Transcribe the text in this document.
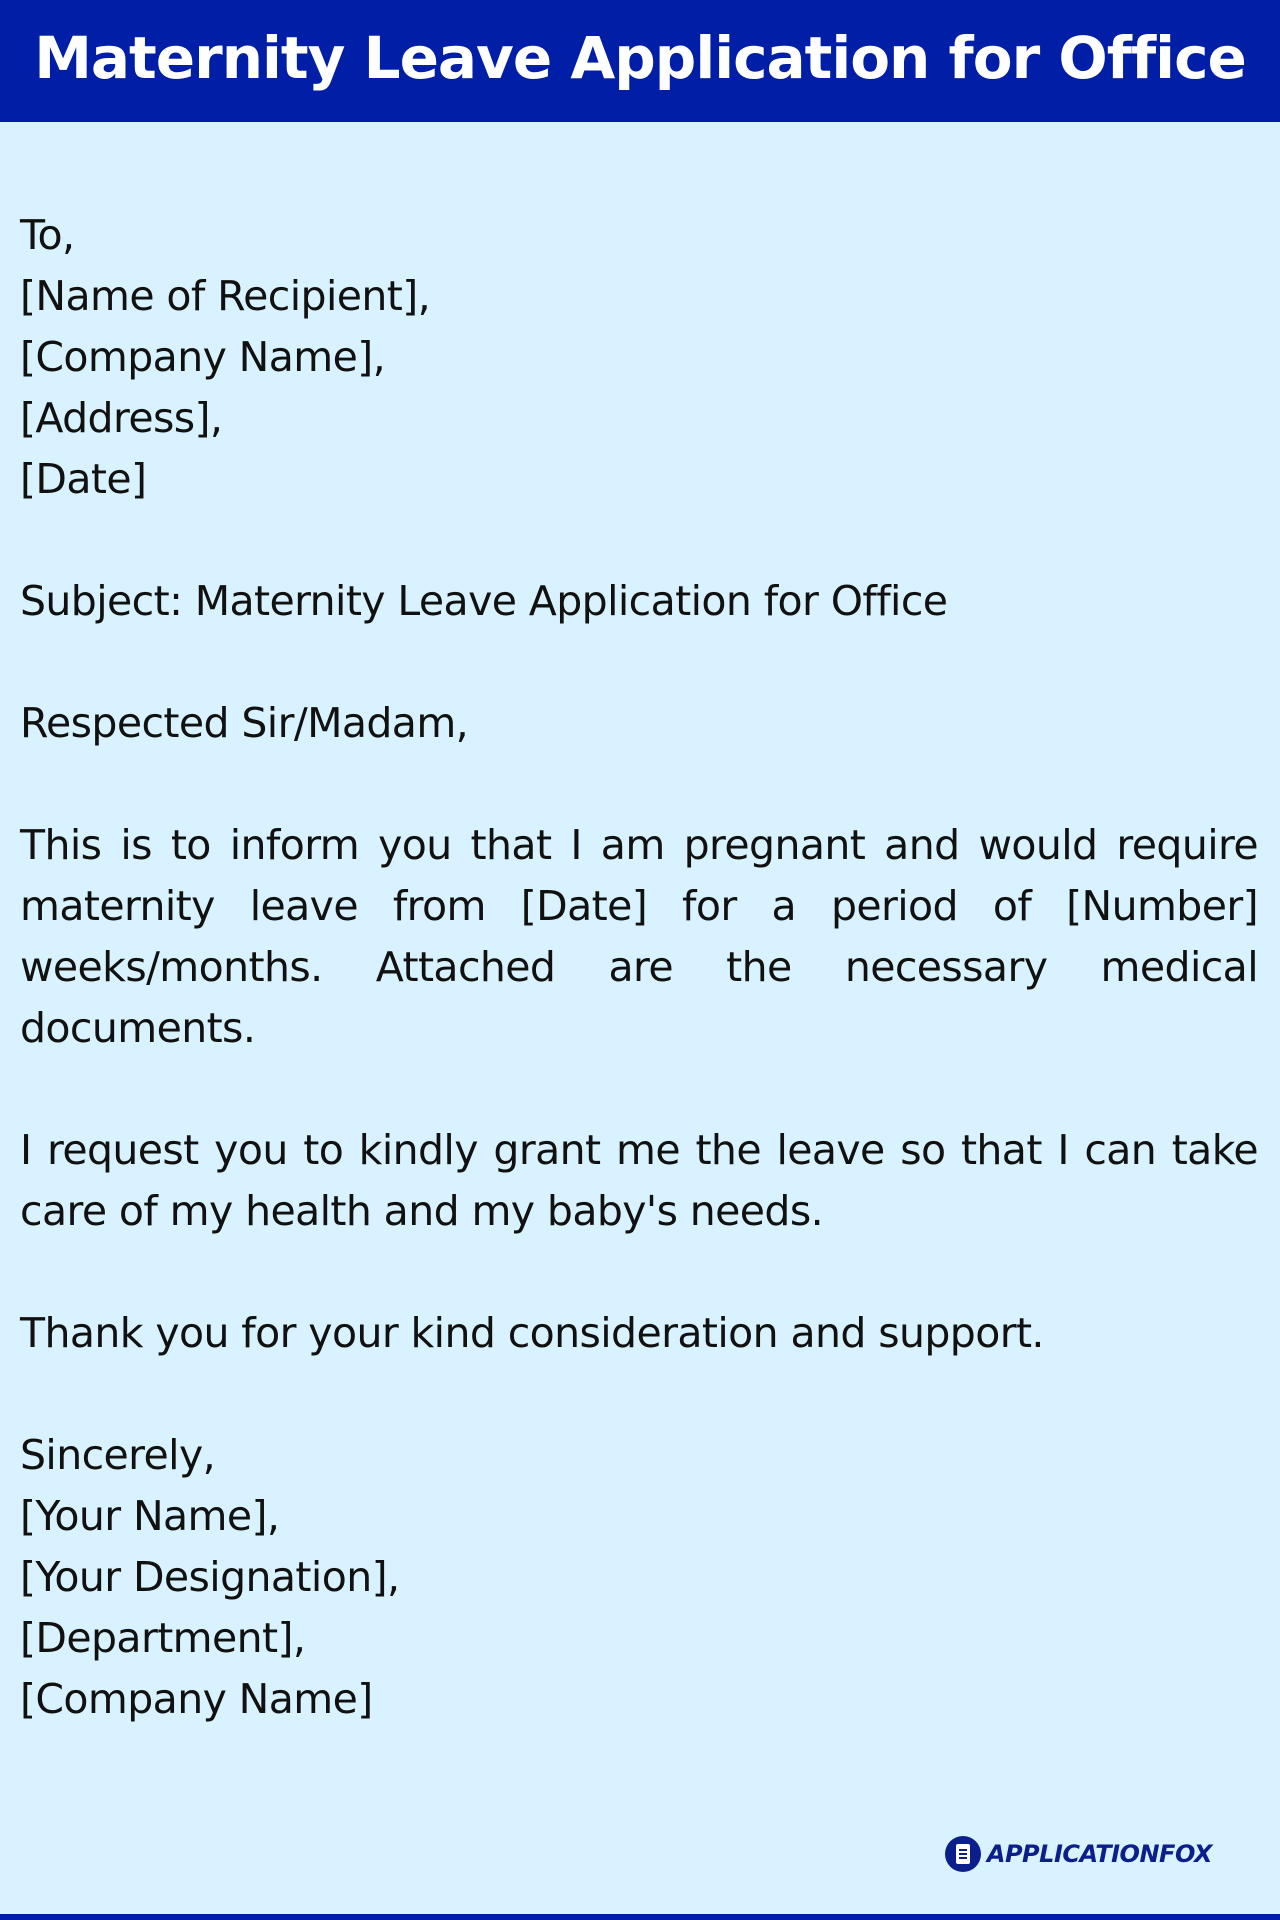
Maternity Leave Application for Office
To,
[Name of Recipient],
[Company Name],
[Address],
[Date]
Subject: Maternity Leave Application for Office
Respected Sir/Madam,

This is to inform you that I am pregnant and would require maternity leave from [Date] for a period of [Number] weeks/months. Attached are the necessary medical documents.

I request you to kindly grant me the leave so that I can take care of my health and my baby's needs.

Thank you for your kind consideration and support.
Sincerely,
[Your Name],
[Your Designation],
[Department],
[Company Name]
APPLICATIONFOX
